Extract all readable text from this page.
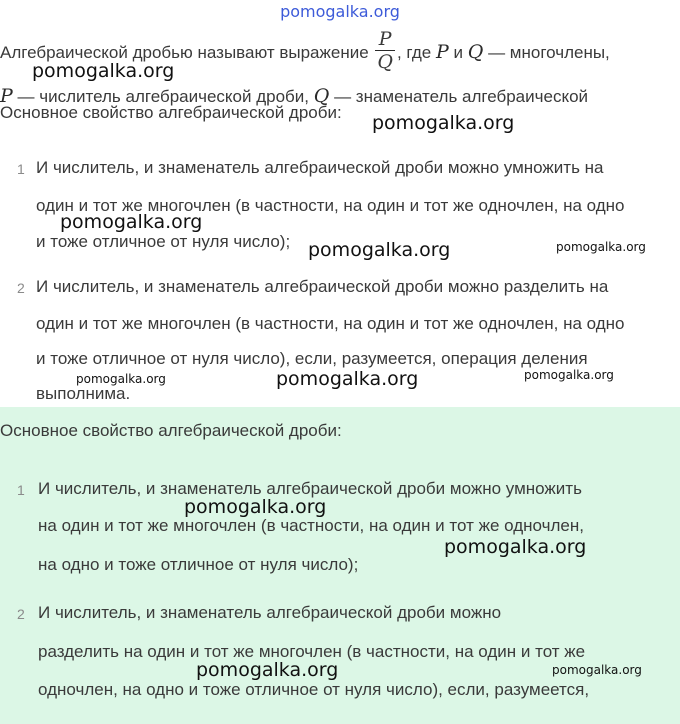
pomogalka.org
Алгебраической дробью называют выражение $\frac{P}{Q}$ , где P и Q — многочлены,
P — числитель алгебраической дроби, Q — знаменатель алгебраической
Основное свойство алгебраической дроби:
1 И числитель, и знаменатель алгебраической дроби можно умножить на
один и тот же многочлен (в частности, на один и тот же одночлен, на одно
и тоже отличное от нуля число);
2 И числитель, и знаменатель алгебраической дроби можно разделить на
один и тот же многочлен (в частности, на один и тот же одночлен, на одно
и тоже отличное от нуля число), если, разумеется, операция деления
выполнима.
Основное свойство алгебраической дроби:
1 И числитель, и знаменатель алгебраической дроби можно умножить
на один и тот же многочлен (в частности, на один и тот же одночлен,
на одно и тоже отличное от нуля число);
2 И числитель, и знаменатель алгебраической дроби можно
разделить на один и тот же многочлен (в частности, на один и тот же
одночлен, на одно и тоже отличное от нуля число), если, разумеется,
pomogalka.org
pomogalka.org
pomogalka.org
pomogalka.org	pomogalka.org
pomogalka.org	pomogalka.org	pomogalka.org
pomogalka.org
pomogalka.org
pomogalka.org	pomogalka.org
